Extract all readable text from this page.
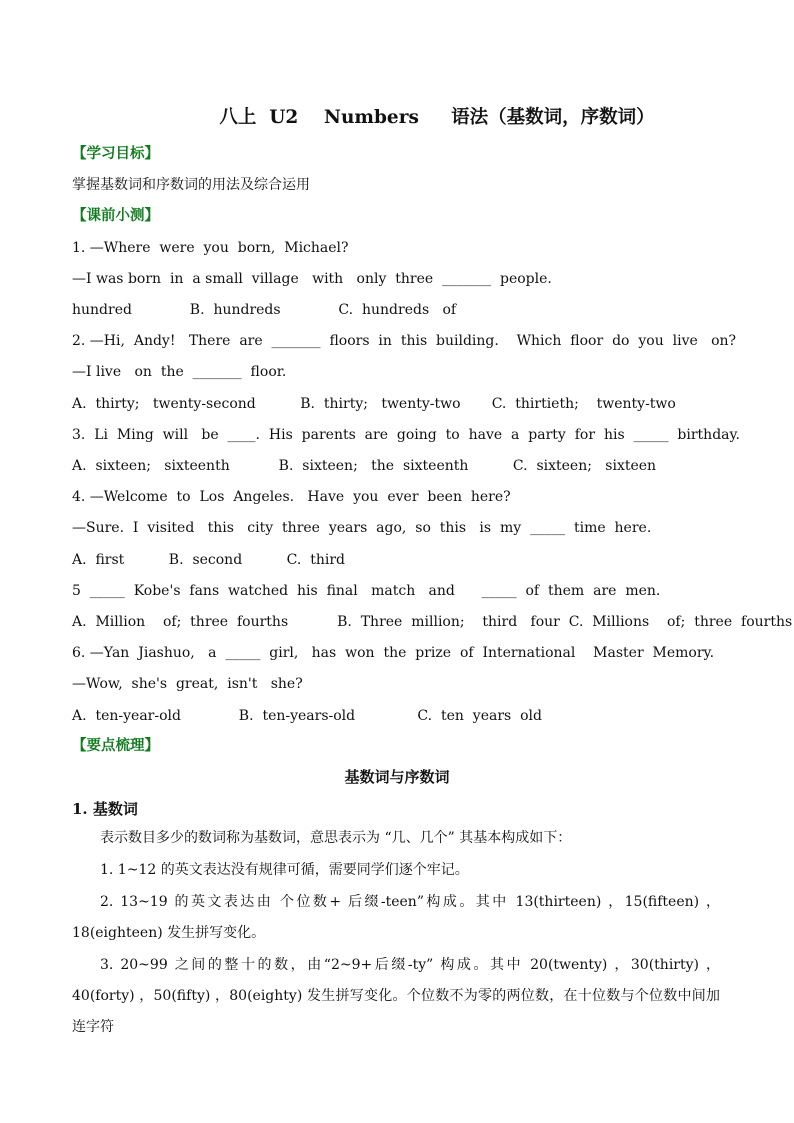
八上  U2    Numbers     语法（基数词，序数词）
【学习目标】
掌握基数词和序数词的用法及综合运用
【课前小测】
1. —Where  were  you  born,  Michael?
—I was born  in  a small  village   with   only  three  _______  people.
hundred             B.  hundreds             C.  hundreds   of
2. —Hi,  Andy!   There  are  _______  floors  in  this  building.    Which  floor  do  you  live   on?
—I live   on  the  _______  floor.
A.  thirty;   twenty-second          B.  thirty;   twenty-two       C.  thirtieth;    twenty-two
3.  Li  Ming  will   be  ____.  His  parents  are  going  to  have  a  party  for  his  _____  birthday.
A.  sixteen;   sixteenth           B.  sixteen;   the  sixteenth          C.  sixteen;   sixteen
4. —Welcome  to  Los  Angeles.   Have  you  ever  been  here?
—Sure.  I  visited   this   city  three  years  ago,  so  this   is  my  _____  time  here.
A.  first          B.  second          C.  third
5  _____  Kobe's  fans  watched  his  final   match   and      _____  of  them  are  men.
A.  Million    of;  three  fourths           B.  Three  million;    third   four  C.  Millions    of;  three  fourths
6. —Yan  Jiashuo,   a  _____  girl,   has  won  the  prize  of  International    Master  Memory.
—Wow,  she's  great,  isn't   she?
A.  ten-year-old             B.  ten-years-old              C.  ten  years  old
【要点梳理】
基数词与序数词
1. 基数词
表示数目多少的数词称为基数词，意思表示为 “几、几个” 其基本构成如下：
1. 1~12 的英文表达没有规律可循，需要同学们逐个牢记。
2. 13~19 的英文表达由 个位数+ 后缀-teen”构成。其中 13(thirteen) ，15(fifteen) ，18(eighteen) 发生拼写变化。
3. 20~99 之间的整十的数，由“2~9+后缀-ty” 构成。其中 20(twenty) ，30(thirty) ，40(forty) ，50(fifty) ，80(eighty) 发生拼写变化。个位数不为零的两位数，在十位数与个位数中间加连字符
